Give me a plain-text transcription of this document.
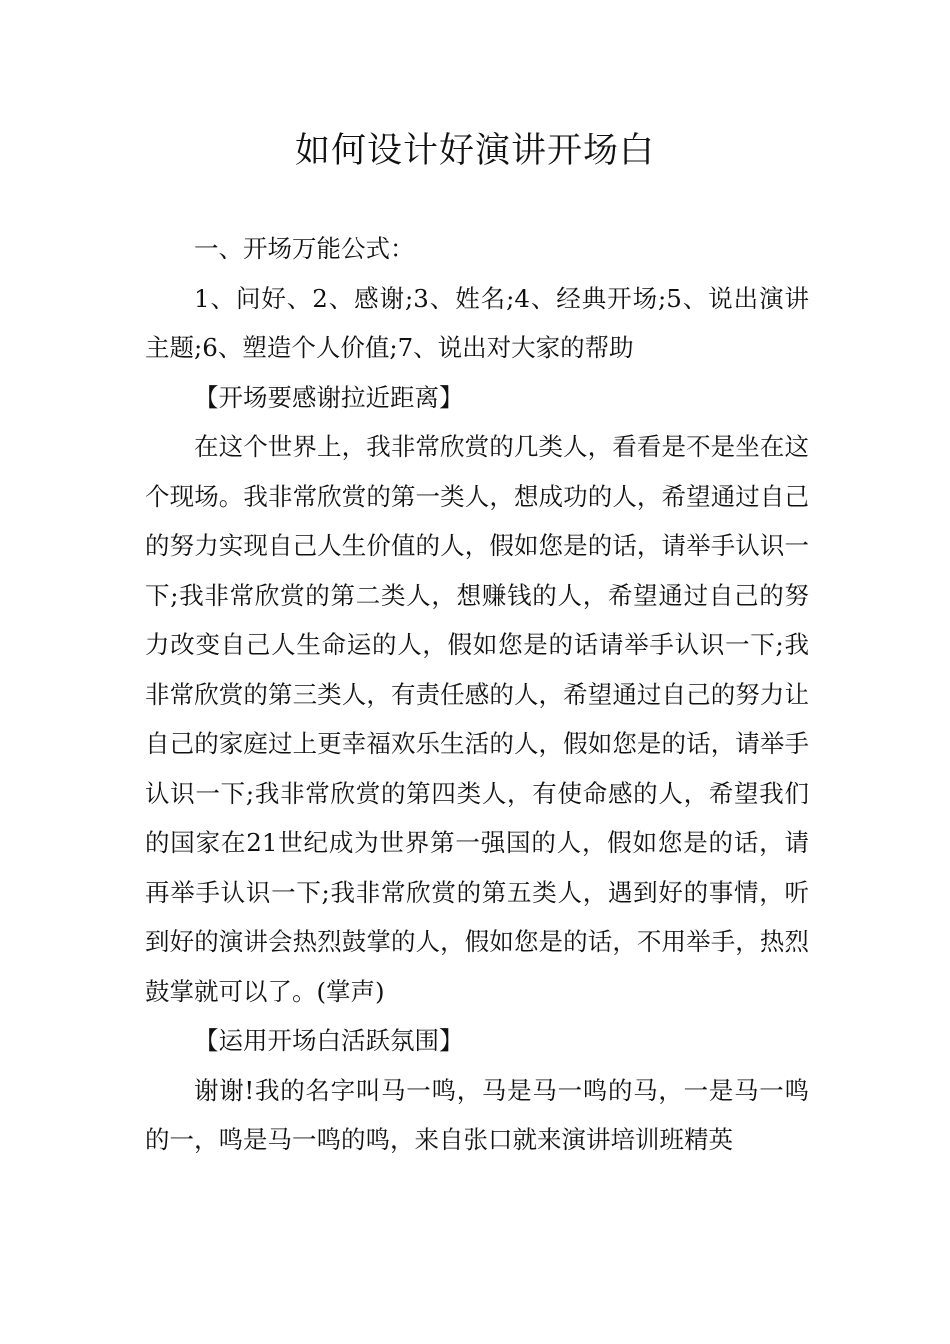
如何设计好演讲开场白

一、开场万能公式：

1、问好、2、感谢;3、姓名;4、经典开场;5、说出演讲主题;6、塑造个人价值;7、说出对大家的帮助

【开场要感谢拉近距离】

在这个世界上，我非常欣赏的几类人，看看是不是坐在这个现场。我非常欣赏的第一类人，想成功的人，希望通过自己的努力实现自己人生价值的人，假如您是的话，请举手认识一下;我非常欣赏的第二类人，想赚钱的人，希望通过自己的努力改变自己人生命运的人，假如您是的话请举手认识一下;我非常欣赏的第三类人，有责任感的人，希望通过自己的努力让自己的家庭过上更幸福欢乐生活的人，假如您是的话，请举手认识一下;我非常欣赏的第四类人，有使命感的人，希望我们的国家在21世纪成为世界第一强国的人，假如您是的话，请再举手认识一下;我非常欣赏的第五类人，遇到好的事情，听到好的演讲会热烈鼓掌的人，假如您是的话，不用举手，热烈鼓掌就可以了。(掌声)

【运用开场白活跃氛围】

谢谢!我的名字叫马一鸣，马是马一鸣的马，一是马一鸣的一，鸣是马一鸣的鸣，来自张口就来演讲培训班精英
